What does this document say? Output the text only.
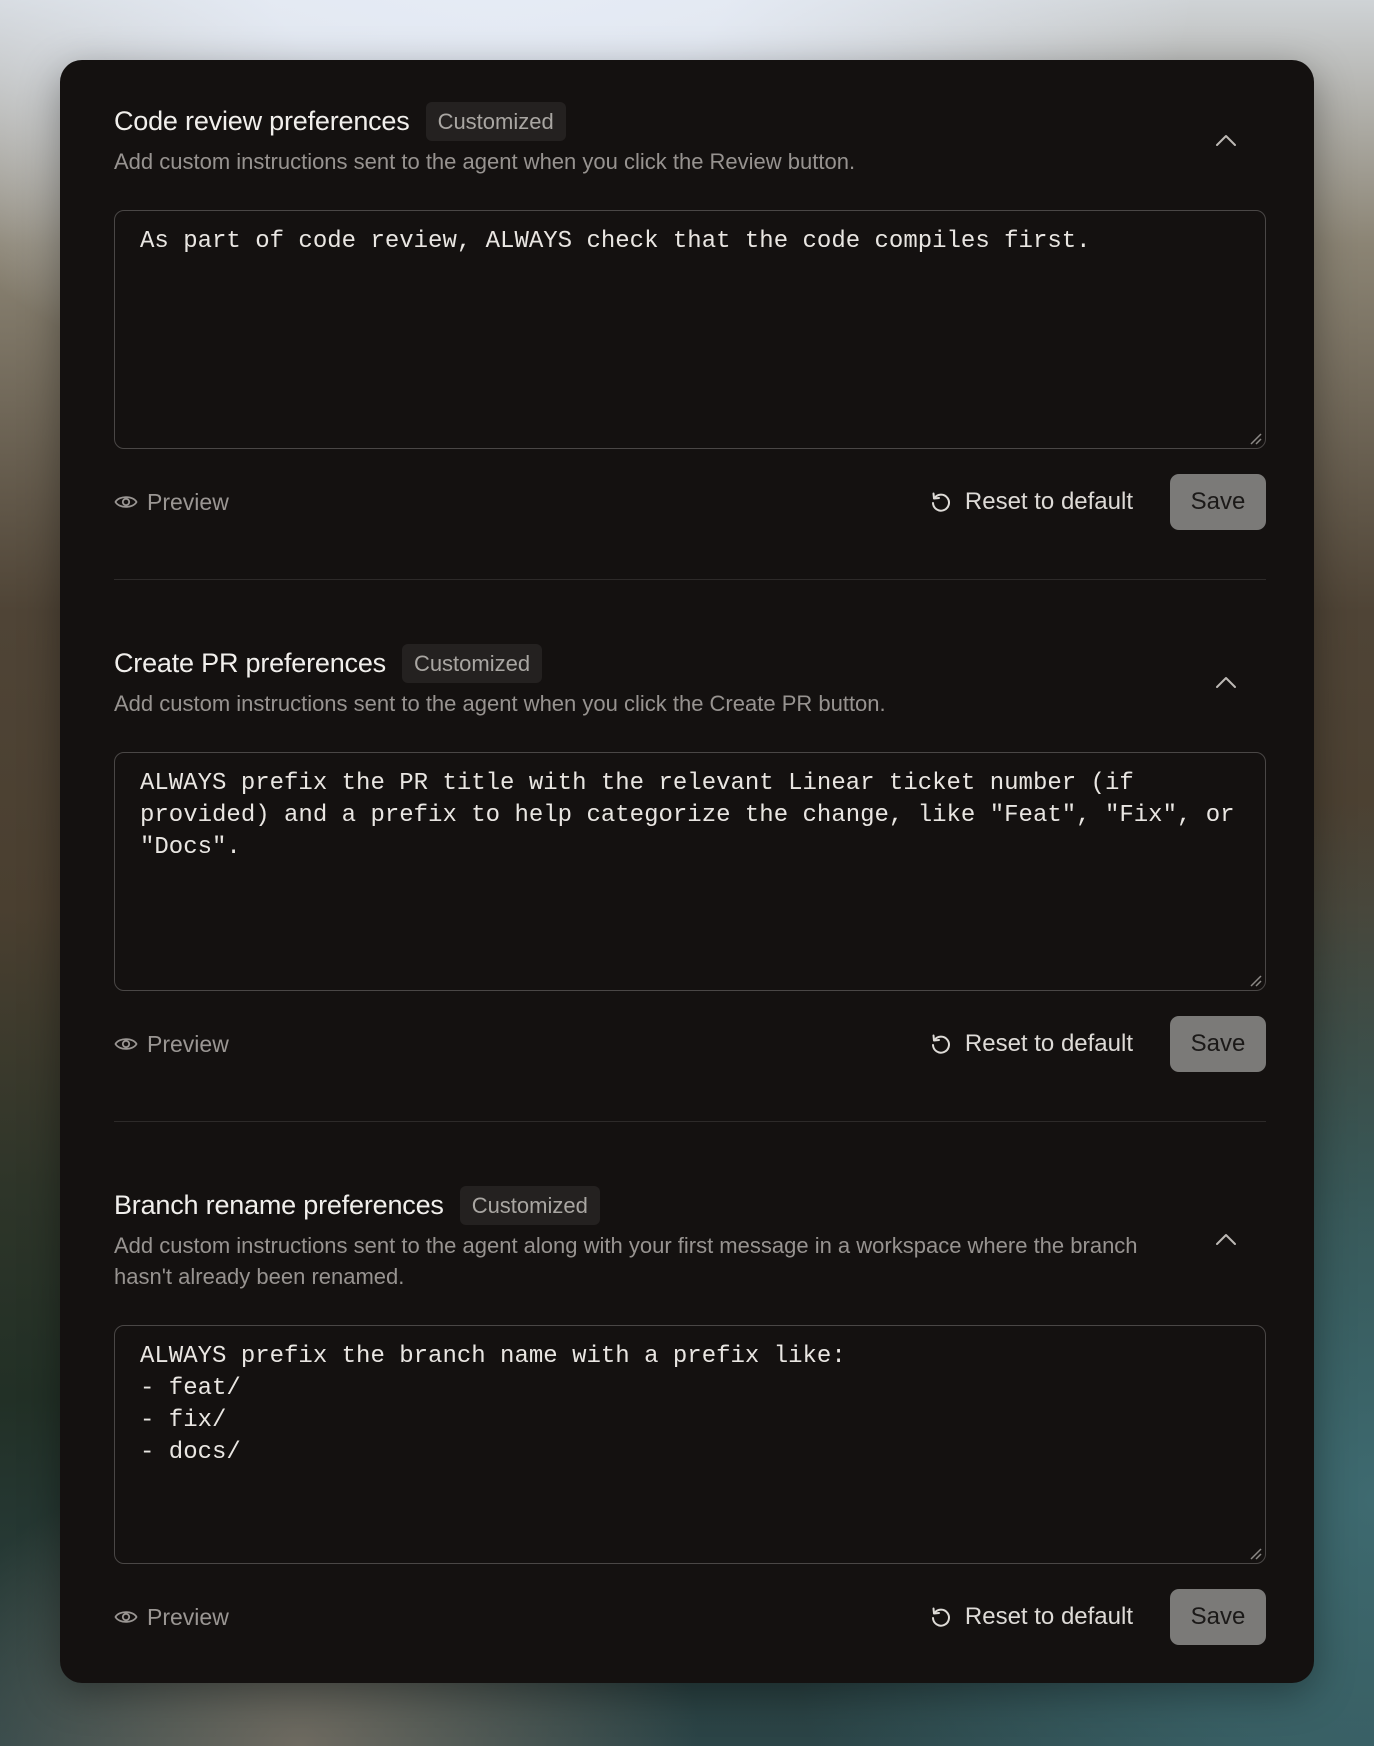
Code review preferences	Customized
Add custom instructions sent to the agent when you click the Review button.
As part of code review, ALWAYS check that the code compiles first.
Preview	Reset to default	Save
Create PR preferences	Customized
Add custom instructions sent to the agent when you click the Create PR button.
ALWAYS prefix the PR title with the relevant Linear ticket number (if provided) and a prefix to help categorize the change, like "Feat", "Fix", or "Docs".
Preview	Reset to default	Save
Branch rename preferences	Customized
Add custom instructions sent to the agent along with your first message in a workspace where the branch hasn't already been renamed.
ALWAYS prefix the branch name with a prefix like:
- feat/
- fix/
- docs/
Preview	Reset to default	Save
